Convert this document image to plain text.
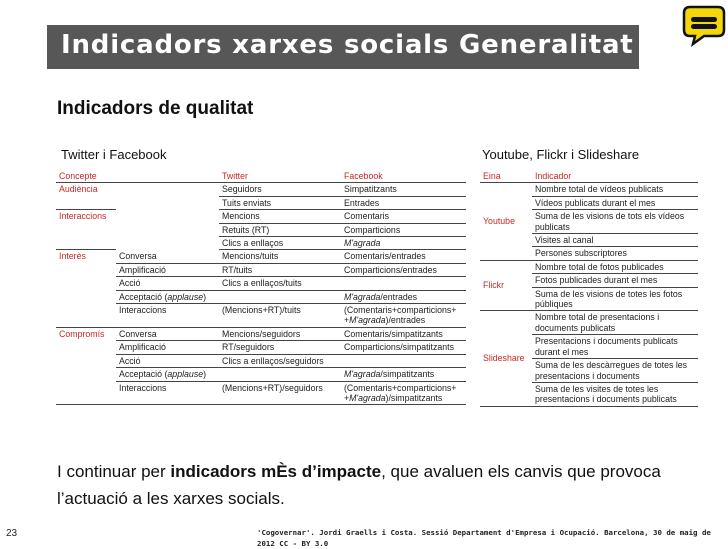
Indicadors xarxes socials Generalitat
Indicadors de qualitat
Twitter i Facebook	Youtube, Flickr i Slideshare
Concepte		Twitter	Facebook
Audiència		Seguidors	Simpatitzants
		Tuits enviats	Entrades
Interaccions		Mencions	Comentaris
		Retuits (RT)	Comparticions
		Clics a enllaços	M'agrada
Interès	Conversa	Mencions/tuits	Comentaris/entrades
	Amplificació	RT/tuits	Comparticions/entrades
	Acció	Clics a enllaços/tuits	
	Acceptació (applause)		M'agrada/entrades
	Interaccions	(Mencions+RT)/tuits	(Comentaris+comparticions+
+M'agrada)/entrades
Compromís	Conversa	Mencions/seguidors	Comentaris/simpatitzants
	Amplificació	RT/seguidors	Comparticions/simpatitzants
	Acció	Clics a enllaços/seguidors	
	Acceptació (applause)		M'agrada/simpatitzants
	Interaccions	(Mencions+RT)/seguidors	(Comentaris+comparticions+
+M'agrada)/simpatitzants
Eina	Indicador
Youtube	Nombre total de vídeos publicats
	Vídeos publicats durant el mes
	Suma de les visions de tots els vídeos publicats
	Visites al canal
	Persones subscriptores
Flickr	Nombre total de fotos publicades
	Fotos publicades durant el mes
	Suma de les visions de totes les fotos públiques
Slideshare	Nombre total de presentacions i documents publicats
	Presentacions i documents publicats durant el mes
	Suma de les descàrregues de totes les presentacions i documents
	Suma de les visites de totes les presentacions i documents publicats
I continuar per indicadors mÈs d’impacte, que avaluen els canvis que provoca l’actuació a les xarxes socials.
23	'Cogovernar'. Jordi Graells i Costa. Sessió Departament d'Empresa i Ocupació. Barcelona, 30 de maig de 2012 CC - BY 3.0
